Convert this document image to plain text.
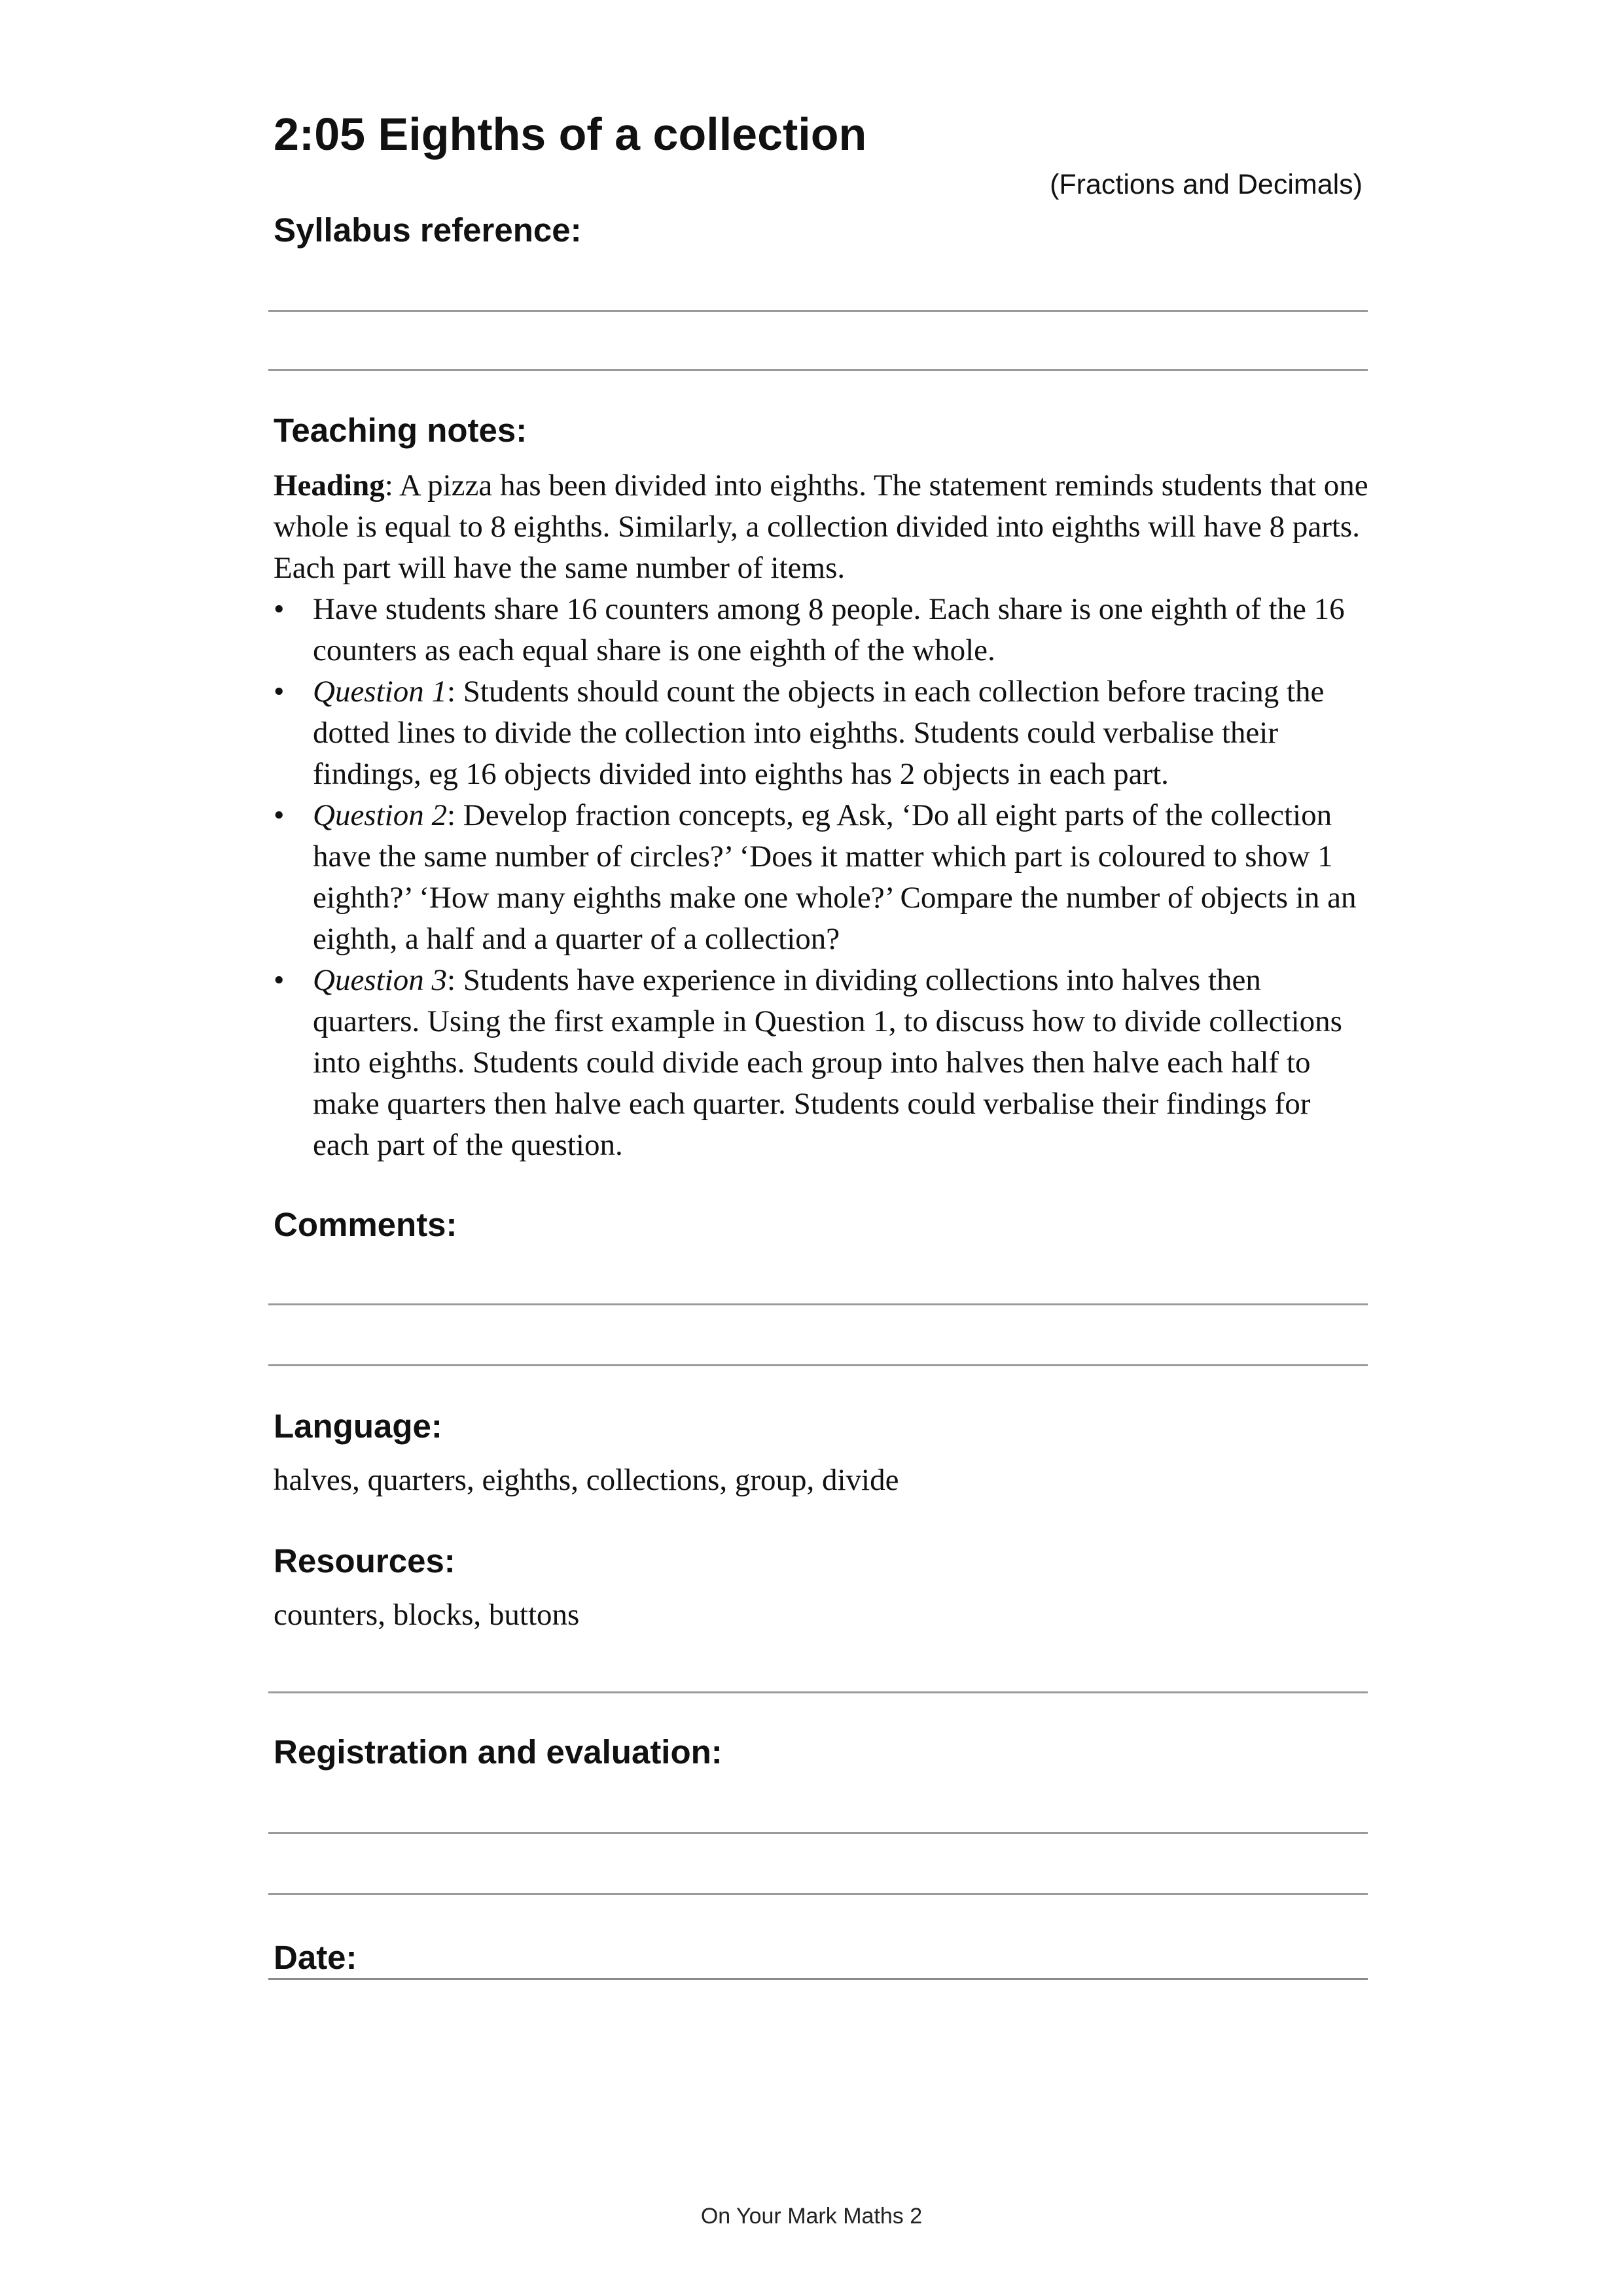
2:05 Eighths of a collection
(Fractions and Decimals)
Syllabus reference:
Teaching notes:

Heading: A pizza has been divided into eighths. The statement reminds students that one whole is equal to 8 eighths. Similarly, a collection divided into eighths will have 8 parts. Each part will have the same number of items.

• Have students share 16 counters among 8 people. Each share is one eighth of the 16 counters as each equal share is one eighth of the whole.
• Question 1: Students should count the objects in each collection before tracing the dotted lines to divide the collection into eighths. Students could verbalise their findings, eg 16 objects divided into eighths has 2 objects in each part.
• Question 2: Develop fraction concepts, eg Ask, ‘Do all eight parts of the collection have the same number of circles?’ ‘Does it matter which part is coloured to show 1 eighth?’ ‘How many eighths make one whole?’ Compare the number of objects in an eighth, a half and a quarter of a collection?
• Question 3: Students have experience in dividing collections into halves then quarters. Using the first example in Question 1, to discuss how to divide collections into eighths. Students could divide each group into halves then halve each half to make quarters then halve each quarter. Students could verbalise their findings for each part of the question.
Comments:
Language:
halves, quarters, eighths, collections, group, divide
Resources:
counters, blocks, buttons
Registration and evaluation:
Date:
On Your Mark Maths 2
